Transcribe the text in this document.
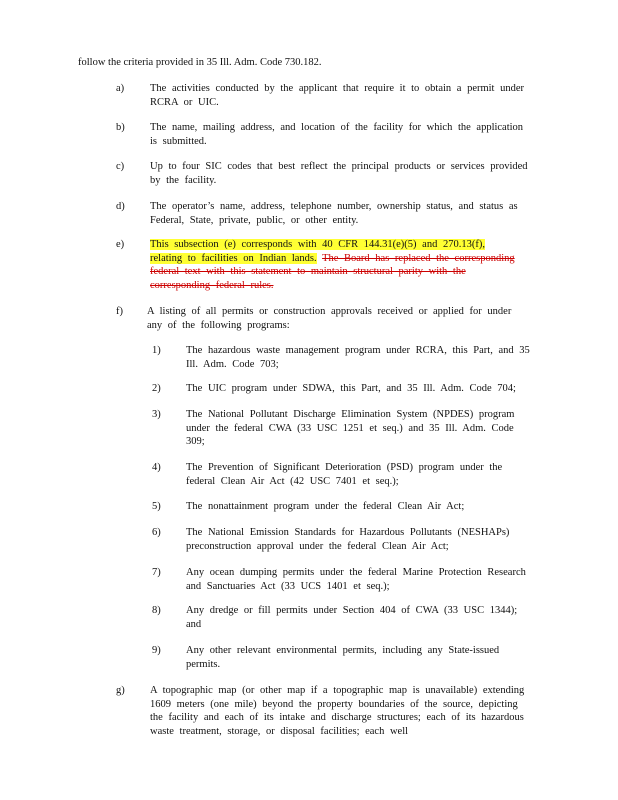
follow the criteria provided in 35 Ill. Adm. Code 730.182.
a) The activities conducted by the applicant that require it to obtain a permit under RCRA or UIC.
b) The name, mailing address, and location of the facility for which the application is submitted.
c) Up to four SIC codes that best reflect the principal products or services provided by the facility.
d) The operator’s name, address, telephone number, ownership status, and status as Federal, State, private, public, or other entity.
e) This subsection (e) corresponds with 40 CFR 144.31(e)(5) and 270.13(f), relating to facilities on Indian lands. The Board has replaced the corresponding federal text with this statement to maintain structural parity with the corresponding federal rules.
f) A listing of all permits or construction approvals received or applied for under any of the following programs:
1) The hazardous waste management program under RCRA, this Part, and 35 Ill. Adm. Code 703;
2) The UIC program under SDWA, this Part, and 35 Ill. Adm. Code 704;
3) The National Pollutant Discharge Elimination System (NPDES) program under the federal CWA (33 USC 1251 et seq.) and 35 Ill. Adm. Code 309;
4) The Prevention of Significant Deterioration (PSD) program under the federal Clean Air Act (42 USC 7401 et seq.);
5) The nonattainment program under the federal Clean Air Act;
6) The National Emission Standards for Hazardous Pollutants (NESHAPs) preconstruction approval under the federal Clean Air Act;
7) Any ocean dumping permits under the federal Marine Protection Research and Sanctuaries Act (33 UCS 1401 et seq.);
8) Any dredge or fill permits under Section 404 of CWA (33 USC 1344); and
9) Any other relevant environmental permits, including any State-issued permits.
g) A topographic map (or other map if a topographic map is unavailable) extending 1609 meters (one mile) beyond the property boundaries of the source, depicting the facility and each of its intake and discharge structures; each of its hazardous waste treatment, storage, or disposal facilities; each well
